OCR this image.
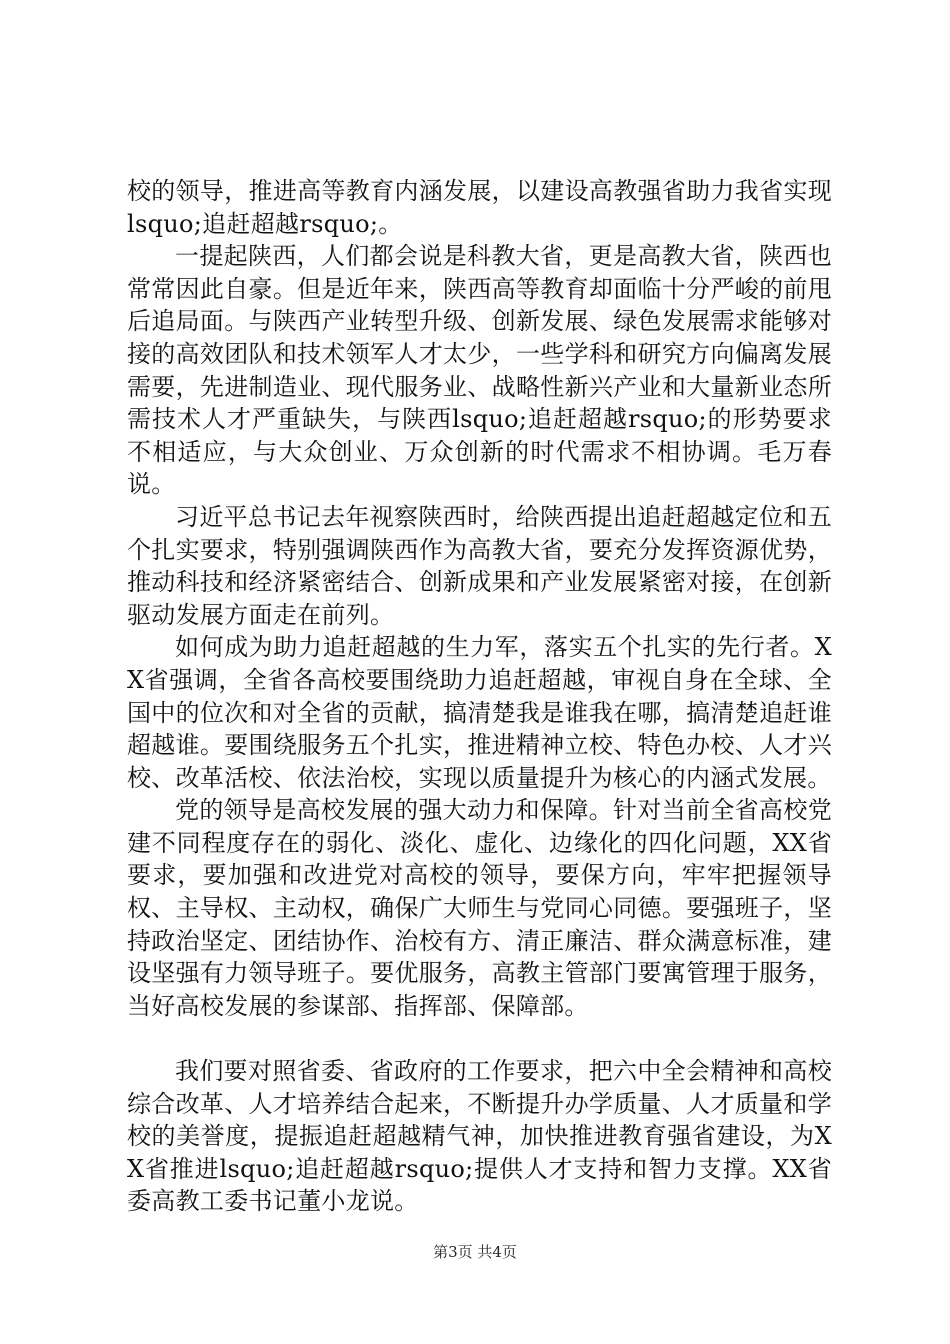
校的领导，推进高等教育内涵发展，以建设高教强省助力我省实现lsquo;追赶超越rsquo;。

一提起陕西，人们都会说是科教大省，更是高教大省，陕西也常常因此自豪。但是近年来，陕西高等教育却面临十分严峻的前甩后追局面。与陕西产业转型升级、创新发展、绿色发展需求能够对接的高效团队和技术领军人才太少，一些学科和研究方向偏离发展需要，先进制造业、现代服务业、战略性新兴产业和大量新业态所需技术人才严重缺失，与陕西lsquo;追赶超越rsquo;的形势要求不相适应，与大众创业、万众创新的时代需求不相协调。毛万春说。

习近平总书记去年视察陕西时，给陕西提出追赶超越定位和五个扎实要求，特别强调陕西作为高教大省，要充分发挥资源优势，推动科技和经济紧密结合、创新成果和产业发展紧密对接，在创新驱动发展方面走在前列。

如何成为助力追赶超越的生力军，落实五个扎实的先行者。XX省强调，全省各高校要围绕助力追赶超越，审视自身在全球、全国中的位次和对全省的贡献，搞清楚我是谁我在哪，搞清楚追赶谁超越谁。要围绕服务五个扎实，推进精神立校、特色办校、人才兴校、改革活校、依法治校，实现以质量提升为核心的内涵式发展。

党的领导是高校发展的强大动力和保障。针对当前全省高校党建不同程度存在的弱化、淡化、虚化、边缘化的四化问题，XX省要求，要加强和改进党对高校的领导，要保方向，牢牢把握领导权、主导权、主动权，确保广大师生与党同心同德。要强班子，坚持政治坚定、团结协作、治校有方、清正廉洁、群众满意标准，建设坚强有力领导班子。要优服务，高教主管部门要寓管理于服务，当好高校发展的参谋部、指挥部、保障部。

我们要对照省委、省政府的工作要求，把六中全会精神和高校综合改革、人才培养结合起来，不断提升办学质量、人才质量和学校的美誉度，提振追赶超越精气神，加快推进教育强省建设，为XX省推进lsquo;追赶超越rsquo;提供人才支持和智力支撑。XX省委高教工委书记董小龙说。

第3页 共4页
